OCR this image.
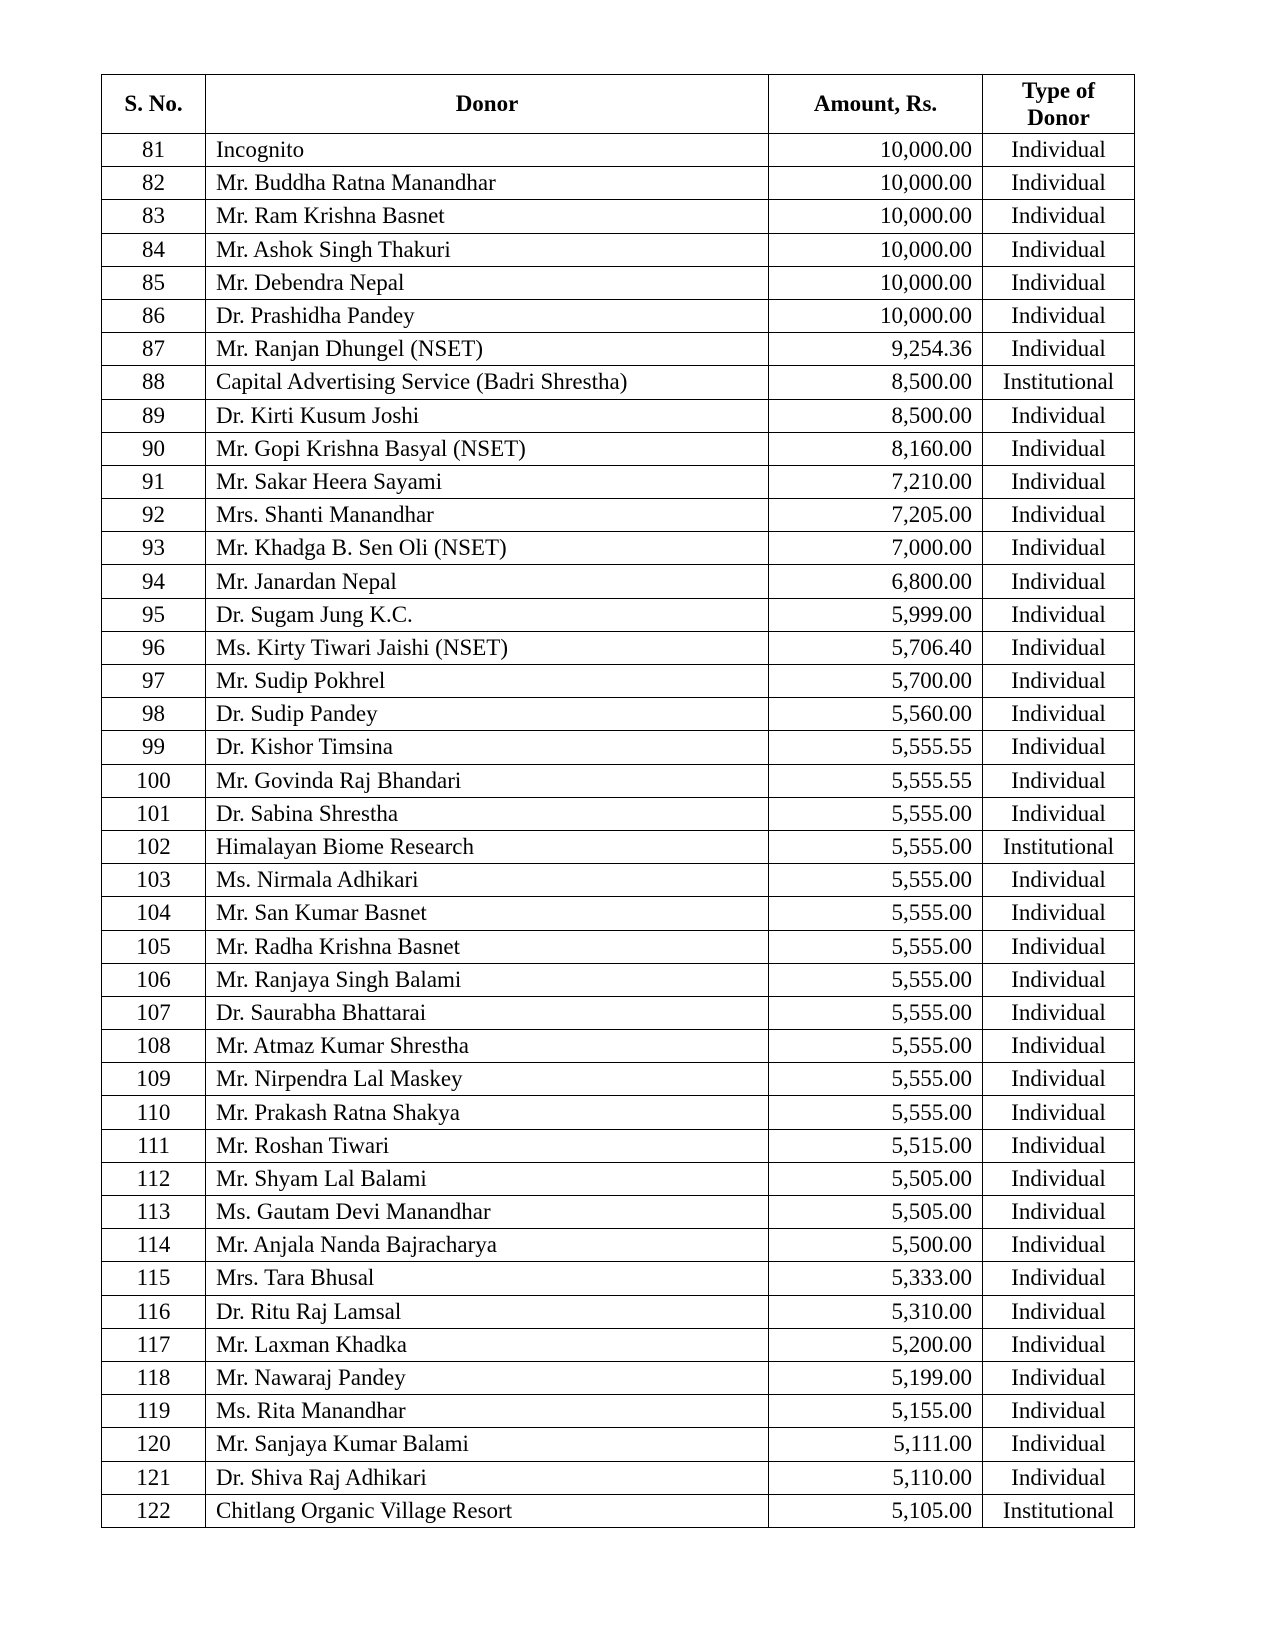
S. No.	Donor	Amount, Rs.	Type of
Donor
81	Incognito	10,000.00	Individual
82	Mr. Buddha Ratna Manandhar	10,000.00	Individual
83	Mr. Ram Krishna Basnet	10,000.00	Individual
84	Mr. Ashok Singh Thakuri	10,000.00	Individual
85	Mr. Debendra Nepal	10,000.00	Individual
86	Dr. Prashidha Pandey	10,000.00	Individual
87	Mr. Ranjan Dhungel (NSET)	9,254.36	Individual
88	Capital Advertising Service (Badri Shrestha)	8,500.00	Institutional
89	Dr. Kirti Kusum Joshi	8,500.00	Individual
90	Mr. Gopi Krishna Basyal (NSET)	8,160.00	Individual
91	Mr. Sakar Heera Sayami	7,210.00	Individual
92	Mrs. Shanti Manandhar	7,205.00	Individual
93	Mr. Khadga B. Sen Oli (NSET)	7,000.00	Individual
94	Mr. Janardan Nepal	6,800.00	Individual
95	Dr. Sugam Jung K.C.	5,999.00	Individual
96	Ms. Kirty Tiwari Jaishi (NSET)	5,706.40	Individual
97	Mr. Sudip Pokhrel	5,700.00	Individual
98	Dr. Sudip Pandey	5,560.00	Individual
99	Dr. Kishor Timsina	5,555.55	Individual
100	Mr. Govinda Raj Bhandari	5,555.55	Individual
101	Dr. Sabina Shrestha	5,555.00	Individual
102	Himalayan Biome Research	5,555.00	Institutional
103	Ms. Nirmala Adhikari	5,555.00	Individual
104	Mr. San Kumar Basnet	5,555.00	Individual
105	Mr. Radha Krishna Basnet	5,555.00	Individual
106	Mr. Ranjaya Singh Balami	5,555.00	Individual
107	Dr. Saurabha Bhattarai	5,555.00	Individual
108	Mr. Atmaz Kumar Shrestha	5,555.00	Individual
109	Mr. Nirpendra Lal Maskey	5,555.00	Individual
110	Mr. Prakash Ratna Shakya	5,555.00	Individual
111	Mr. Roshan Tiwari	5,515.00	Individual
112	Mr. Shyam Lal Balami	5,505.00	Individual
113	Ms. Gautam Devi Manandhar	5,505.00	Individual
114	Mr. Anjala Nanda Bajracharya	5,500.00	Individual
115	Mrs. Tara Bhusal	5,333.00	Individual
116	Dr. Ritu Raj Lamsal	5,310.00	Individual
117	Mr. Laxman Khadka	5,200.00	Individual
118	Mr. Nawaraj Pandey	5,199.00	Individual
119	Ms. Rita Manandhar	5,155.00	Individual
120	Mr. Sanjaya Kumar Balami	5,111.00	Individual
121	Dr. Shiva Raj Adhikari	5,110.00	Individual
122	Chitlang Organic Village Resort	5,105.00	Institutional
